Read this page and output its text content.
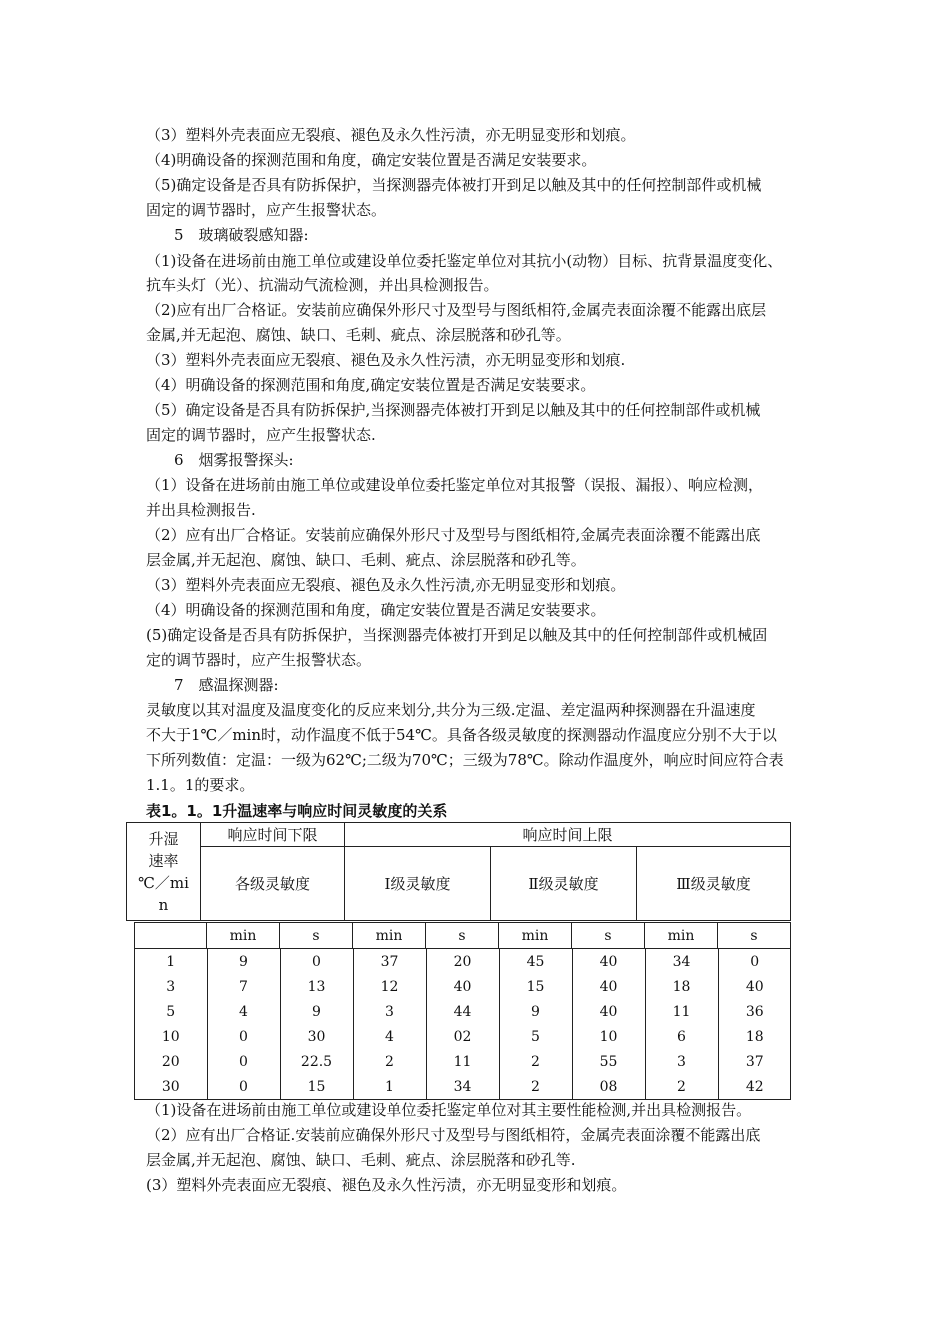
（3）塑料外壳表面应无裂痕、褪色及永久性污渍，亦无明显变形和划痕。
（4)明确设备的探测范围和角度，确定安装位置是否满足安装要求。
（5)确定设备是否具有防拆保护，当探测器壳体被打开到足以触及其中的任何控制部件或机械
固定的调节器时，应产生报警状态。
5　玻璃破裂感知器:
（1)设备在进场前由施工单位或建设单位委托鉴定单位对其抗小(动物）目标、抗背景温度变化、
抗车头灯（光）、抗湍动气流检测，并出具检测报告。
（2)应有出厂合格证。安装前应确保外形尺寸及型号与图纸相符,金属壳表面涂覆不能露出底层
金属,并无起泡、腐蚀、缺口、毛刺、疵点、涂层脱落和砂孔等。
（3）塑料外壳表面应无裂痕、褪色及永久性污渍，亦无明显变形和划痕.
（4）明确设备的探测范围和角度,确定安装位置是否满足安装要求。
（5）确定设备是否具有防拆保护,当探测器壳体被打开到足以触及其中的任何控制部件或机械
固定的调节器时，应产生报警状态.
6　烟雾报警探头:
（1）设备在进场前由施工单位或建设单位委托鉴定单位对其报警（误报、漏报）、响应检测，
并出具检测报告.
（2）应有出厂合格证。安装前应确保外形尺寸及型号与图纸相符,金属壳表面涂覆不能露出底
层金属,并无起泡、腐蚀、缺口、毛刺、疵点、涂层脱落和砂孔等。
（3）塑料外壳表面应无裂痕、褪色及永久性污渍,亦无明显变形和划痕。
（4）明确设备的探测范围和角度，确定安装位置是否满足安装要求。
(5)确定设备是否具有防拆保护，当探测器壳体被打开到足以触及其中的任何控制部件或机械固
定的调节器时，应产生报警状态。
7　感温探测器:
灵敏度以其对温度及温度变化的反应来划分,共分为三级.定温、差定温两种探测器在升温速度
不大于1℃／min时，动作温度不低于54℃。具备各级灵敏度的探测器动作温度应分别不大于以
下所列数值：定温：一级为62℃;二级为70℃；三级为78℃。除动作温度外，响应时间应符合表
1.1。1的要求。
表1。1。1升温速率与响应时间灵敏度的关系
升湿
速率
℃／mi
n	响应时间下限	响应时间上限		
	各级灵敏度	Ⅰ级灵敏度	Ⅱ级灵敏度	Ⅲ级灵敏度
	min	s	min	s	min	s	min	s

1	9	0	37	20	45	40	34	0
3	7	13	12	40	15	40	18	40
5	4	9	3	44	9	40	11	36
10	0	30	4	02	5	10	6	18
20	0	22.5	2	11	2	55	3	37
30	0	15	1	34	2	08	2	42
（1)设备在进场前由施工单位或建设单位委托鉴定单位对其主要性能检测,并出具检测报告。
（2）应有出厂合格证.安装前应确保外形尺寸及型号与图纸相符，金属壳表面涂覆不能露出底
层金属,并无起泡、腐蚀、缺口、毛刺、疵点、涂层脱落和砂孔等.
(3）塑料外壳表面应无裂痕、褪色及永久性污渍，亦无明显变形和划痕。
